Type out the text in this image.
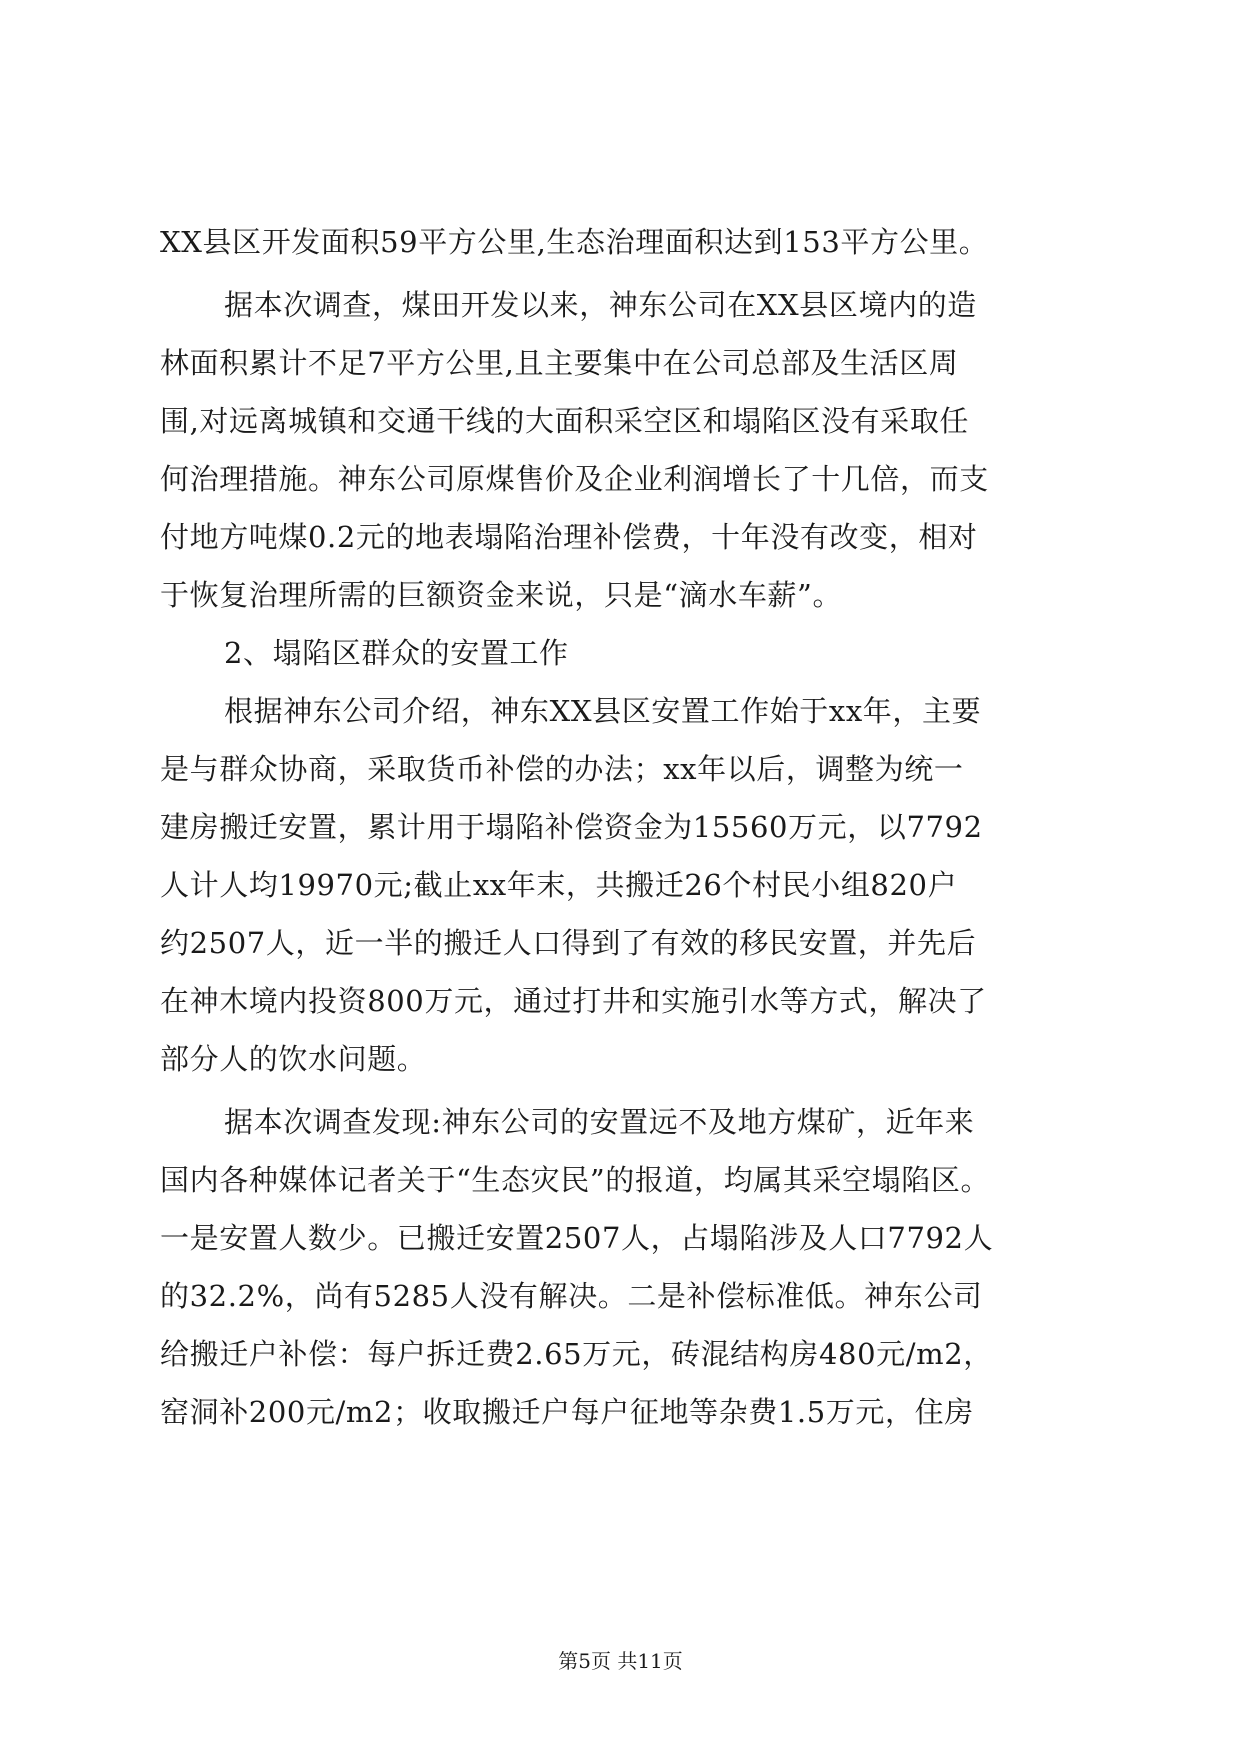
XX县区开发面积59平方公里,生态治理面积达到153平方公里。
据本次调查，煤田开发以来，神东公司在XX县区境内的造
林面积累计不足7平方公里,且主要集中在公司总部及生活区周
围,对远离城镇和交通干线的大面积采空区和塌陷区没有采取任
何治理措施。神东公司原煤售价及企业利润增长了十几倍，而支
付地方吨煤0.2元的地表塌陷治理补偿费，十年没有改变，相对
于恢复治理所需的巨额资金来说，只是“滴水车薪”。
2、塌陷区群众的安置工作
根据神东公司介绍，神东XX县区安置工作始于xx年，主要
是与群众协商，采取货币补偿的办法；xx年以后，调整为统一
建房搬迁安置，累计用于塌陷补偿资金为15560万元，以7792
人计人均19970元;截止xx年末，共搬迁26个村民小组820户
约2507人，近一半的搬迁人口得到了有效的移民安置，并先后
在神木境内投资800万元，通过打井和实施引水等方式，解决了
部分人的饮水问题。
据本次调查发现:神东公司的安置远不及地方煤矿，近年来
国内各种媒体记者关于“生态灾民”的报道，均属其采空塌陷区。
一是安置人数少。已搬迁安置2507人，占塌陷涉及人口7792人
的32.2%，尚有5285人没有解决。二是补偿标准低。神东公司
给搬迁户补偿：每户拆迁费2.65万元，砖混结构房480元/m2，
窑洞补200元/m2；收取搬迁户每户征地等杂费1.5万元，住房
第5页 共11页
